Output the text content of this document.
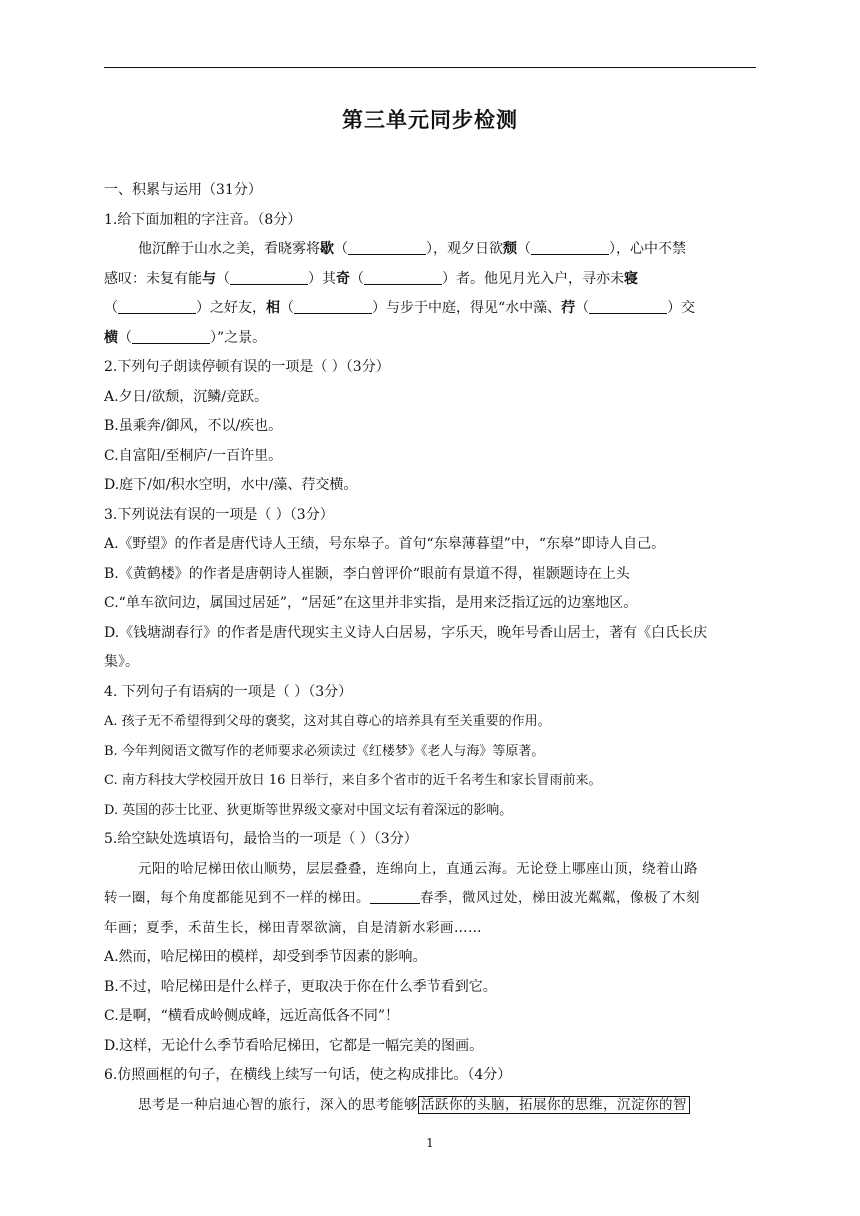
第三单元同步检测
一、积累与运用（31分）
1.给下面加粗的字注音。（8分）
他沉醉于山水之美，看晓雾将歇（	），观夕日欲颓（	），心中不禁
感叹：未复有能与（	）其奇（	）者。他见月光入户，寻亦未寝
（	）之好友，相（	）与步于中庭，得见“水中藻、荇（	）交
横（	）”之景。
2.下列句子朗读停顿有误的一项是（ ）（3分）
A.夕日/欲颓，沉鳞/竞跃。
B.虽乘奔/御风，不以/疾也。
C.自富阳/至桐庐/一百许里。
D.庭下/如/积水空明，水中/藻、荇交横。
3.下列说法有误的一项是（ ）（3分）
A.《野望》的作者是唐代诗人王绩，号东皋子。首句“东皋薄暮望”中，“东皋”即诗人自己。
B.《黄鹤楼》的作者是唐朝诗人崔颢，李白曾评价“眼前有景道不得，崔颢题诗在上头
C.“单车欲问边，属国过居延”，“居延”在这里并非实指，是用来泛指辽远的边塞地区。
D.《钱塘湖春行》的作者是唐代现实主义诗人白居易，字乐天，晚年号香山居士，著有《白氏长庆
集》。
4. 下列句子有语病的一项是（ ）（3分）
A. 孩子无不希望得到父母的褒奖，这对其自尊心的培养具有至关重要的作用。
B. 今年判阅语文微写作的老师要求必须读过《红楼梦》《老人与海》等原著。
C. 南方科技大学校园开放日 16 日举行，来自多个省市的近千名考生和家长冒雨前来。
D. 英国的莎士比亚、狄更斯等世界级文豪对中国文坛有着深远的影响。
5.给空缺处选填语句，最恰当的一项是（ ）（3分）
元阳的哈尼梯田依山顺势，层层叠叠，连绵向上，直通云海。无论登上哪座山顶，绕着山路
转一圈，每个角度都能见到不一样的梯田。	春季，微风过处，梯田波光粼粼，像极了木刻
年画；夏季，禾苗生长，梯田青翠欲滴，自是清新水彩画……
A.然而，哈尼梯田的模样，却受到季节因素的影响。
B.不过，哈尼梯田是什么样子，更取决于你在什么季节看到它。
C.是啊，“横看成岭侧成峰，远近高低各不同”！
D.这样，无论什么季节看哈尼梯田，它都是一幅完美的图画。
6.仿照画框的句子，在横线上续写一句话，使之构成排比。（4分）
思考是一种启迪心智的旅行，深入的思考能够 活跃你的头脑，拓展你的思维，沉淀你的智
1
